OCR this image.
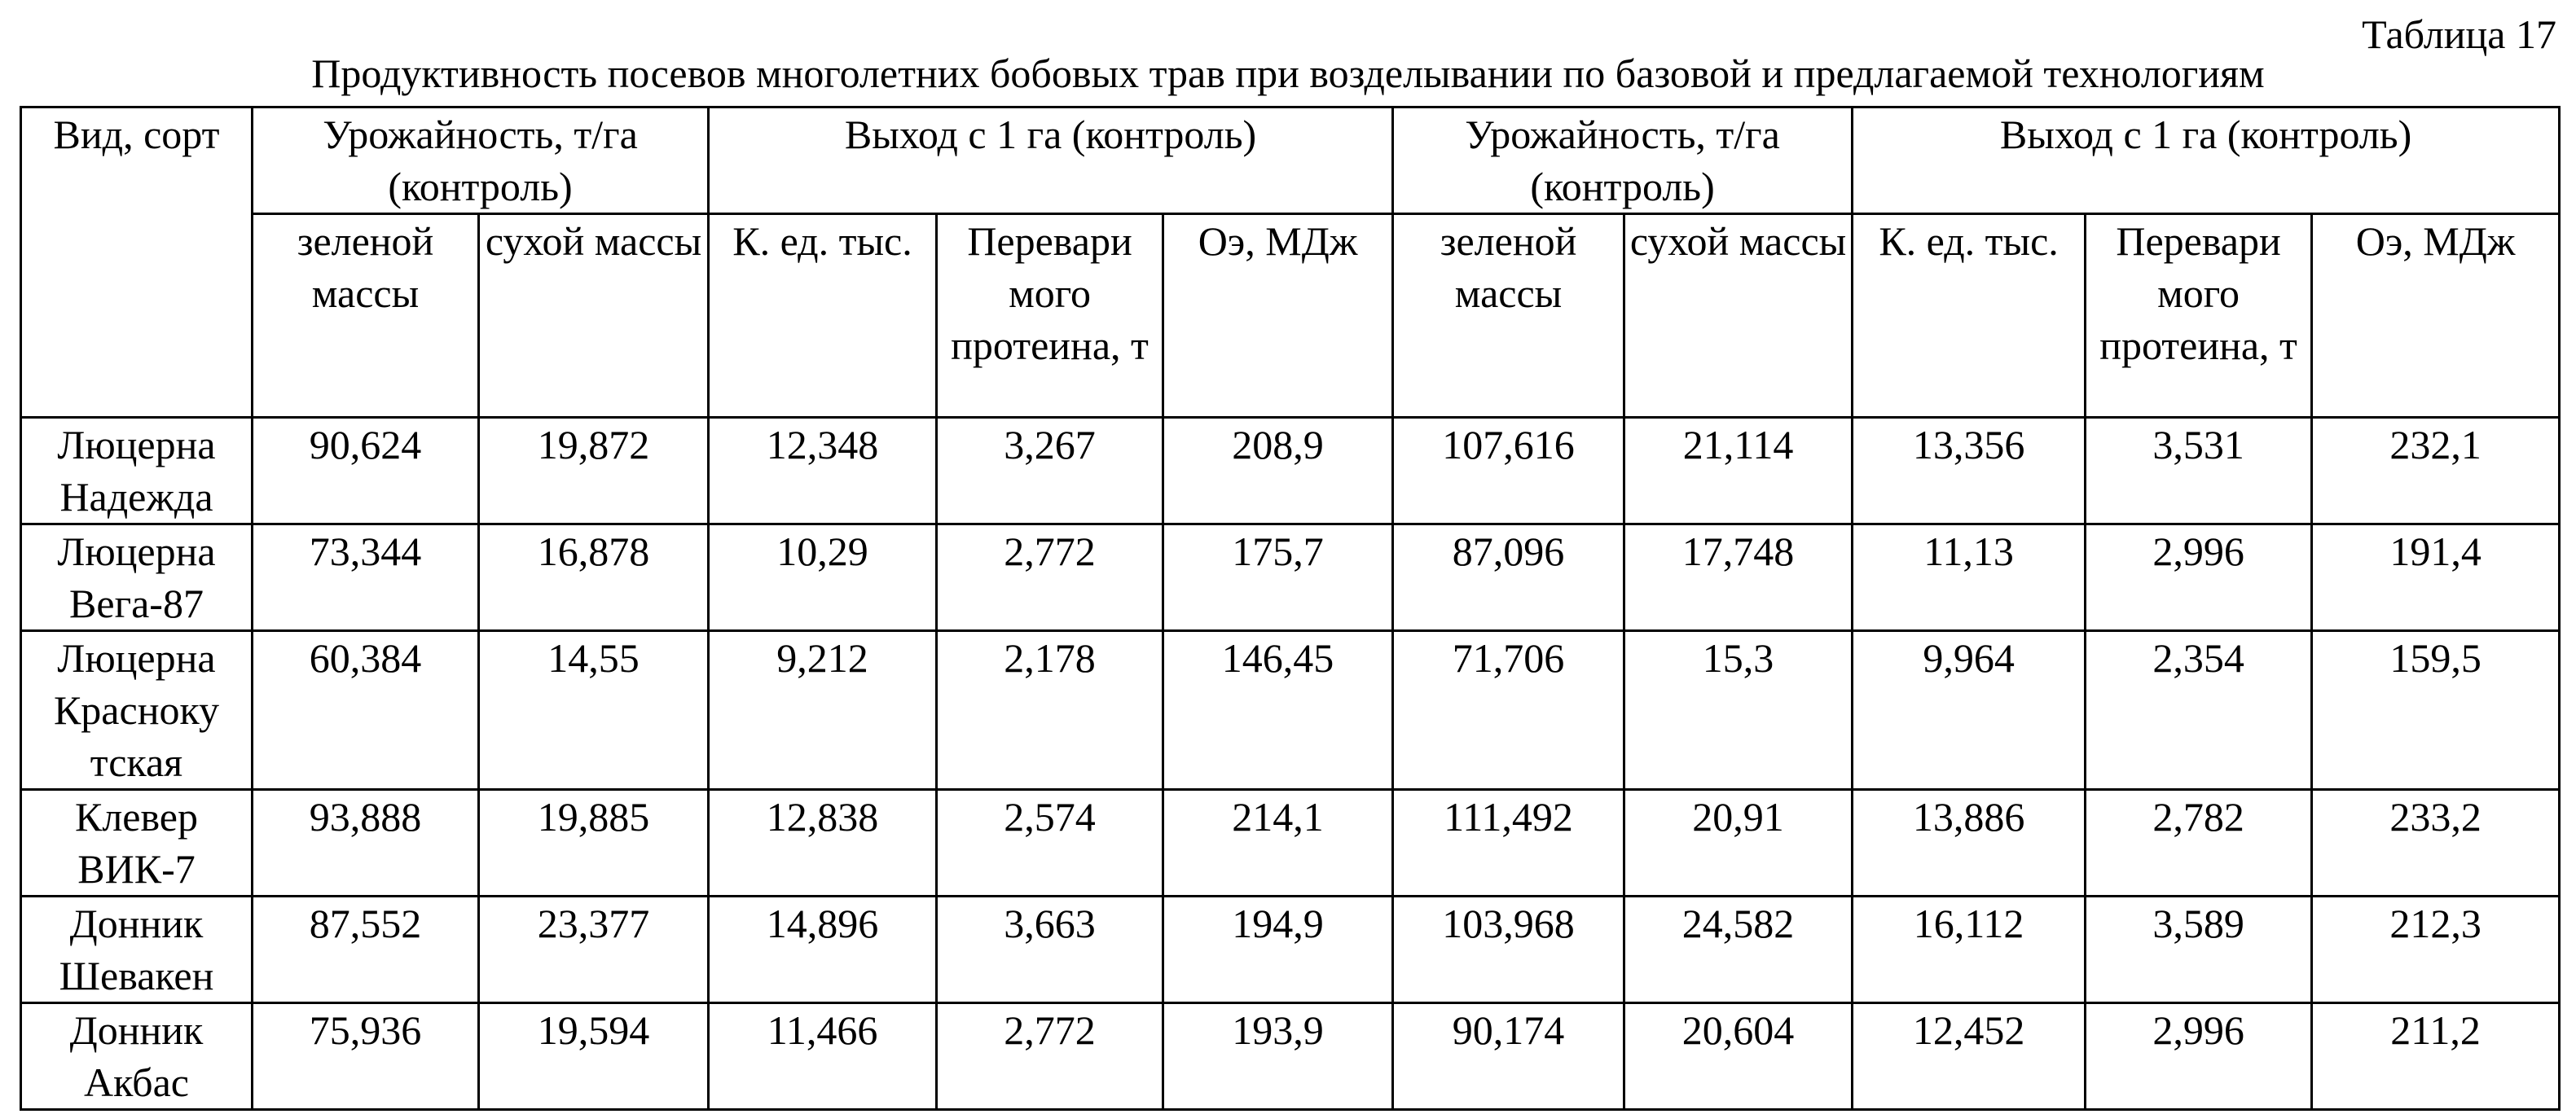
Таблица 17
Продуктивность посевов многолетних бобовых трав при возделывании по базовой и предлагаемой технологиям
Вид, сорт	Урожайность, т/га (контроль)		Выход с 1 га (контроль)			Урожайность, т/га (контроль)		Выход с 1 га (контроль)		
	зеленой массы	сухой массы	К. ед. тыс.	Перевари мого протеина, т	Оэ, МДж	зеленой массы	сухой массы	К. ед. тыс.	Перевари мого протеина, т	Оэ, МДж
Люцерна Надежда	90,624	19,872	12,348	3,267	208,9	107,616	21,114	13,356	3,531	232,1
Люцерна Вега-87	73,344	16,878	10,29	2,772	175,7	87,096	17,748	11,13	2,996	191,4
Люцерна Красноку тская	60,384	14,55	9,212	2,178	146,45	71,706	15,3	9,964	2,354	159,5
Клевер ВИК-7	93,888	19,885	12,838	2,574	214,1	111,492	20,91	13,886	2,782	233,2
Донник Шевакен	87,552	23,377	14,896	3,663	194,9	103,968	24,582	16,112	3,589	212,3
Донник Акбас	75,936	19,594	11,466	2,772	193,9	90,174	20,604	12,452	2,996	211,2
